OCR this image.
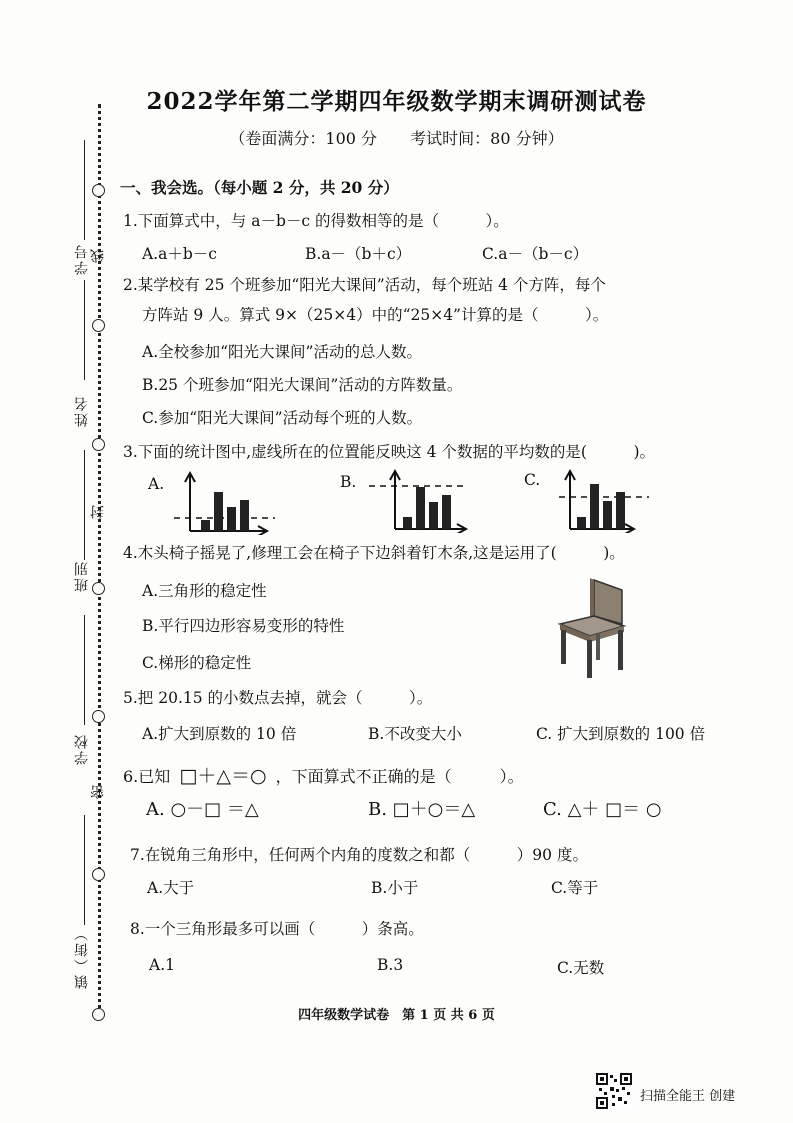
2022学年第二学期四年级数学期末调研测试卷
（卷面满分：100 分 考试时间：80 分钟）
学号 线
姓名
封
班别
学校
密
镇（街）
一、我会选。（每小题 2 分，共 20 分）
1.下面算式中，与 a－b－c 的得数相等的是（　　　）。
A.a＋b－c	B.a－（b＋c）	C.a－（b－c）
2.某学校有 25 个班参加“阳光大课间”活动，每个班站 4 个方阵，每个
方阵站 9 人。算式 9×（25×4）中的“25×4”计算的是（　　　）。
A.全校参加“阳光大课间”活动的总人数。
B.25 个班参加“阳光大课间”活动的方阵数量。
C.参加“阳光大课间”活动每个班的人数。
3.下面的统计图中,虚线所在的位置能反映这 4 个数据的平均数的是(　　　)。
A.	B.	C.
4.木头椅子摇晃了,修理工会在椅子下边斜着钉木条,这是运用了(　　　)。
A.三角形的稳定性
B.平行四边形容易变形的特性
C.梯形的稳定性
5.把 20.15 的小数点去掉，就会（　　　）。
A.扩大到原数的 10 倍	B.不改变大小	C. 扩大到原数的 100 倍
6.已知 □＋△＝○ ，下面算式不正确的是（　　　）。
A. ○－□ ＝△	B. □＋○＝△	C. △＋ □＝ ○
7.在锐角三角形中，任何两个内角的度数之和都（　　　）90 度。
A.大于	B.小于	C.等于
8.一个三角形最多可以画（　　　）条高。
A.1	B.3	C.无数
四年级数学试卷　第 1 页 共 6 页
扫描全能王 创建
